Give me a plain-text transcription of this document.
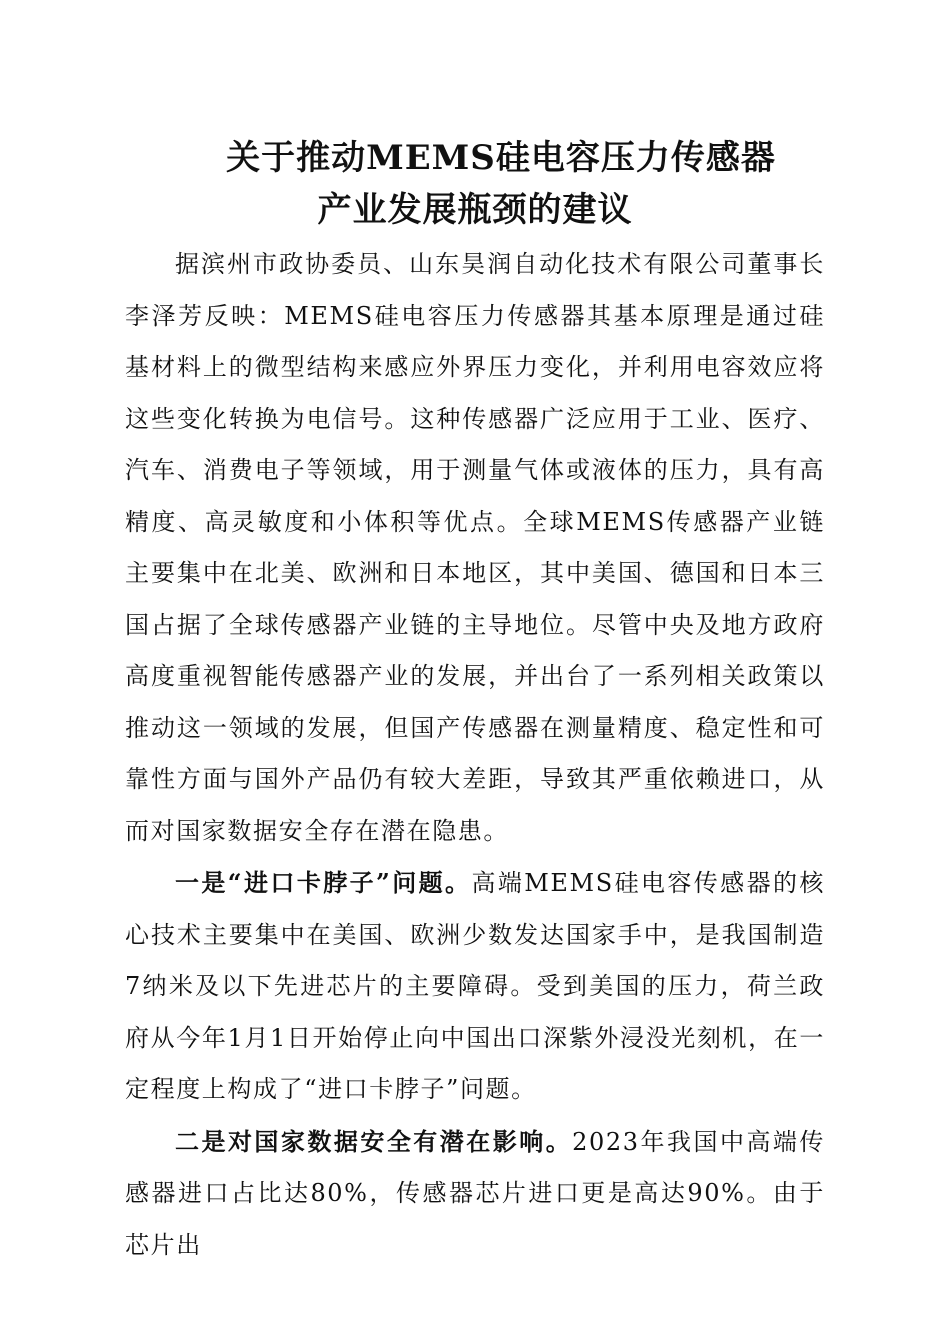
关于推动MEMS硅电容压力传感器
产业发展瓶颈的建议

据滨州市政协委员、山东昊润自动化技术有限公司董事长李泽芳反映：MEMS硅电容压力传感器其基本原理是通过硅基材料上的微型结构来感应外界压力变化，并利用电容效应将这些变化转换为电信号。这种传感器广泛应用于工业、医疗、汽车、消费电子等领域，用于测量气体或液体的压力，具有高精度、高灵敏度和小体积等优点。全球MEMS传感器产业链主要集中在北美、欧洲和日本地区，其中美国、德国和日本三国占据了全球传感器产业链的主导地位。尽管中央及地方政府高度重视智能传感器产业的发展，并出台了一系列相关政策以推动这一领域的发展，但国产传感器在测量精度、稳定性和可靠性方面与国外产品仍有较大差距，导致其严重依赖进口，从而对国家数据安全存在潜在隐患。

一是“进口卡脖子”问题。高端MEMS硅电容传感器的核心技术主要集中在美国、欧洲少数发达国家手中，是我国制造7纳米及以下先进芯片的主要障碍。受到美国的压力，荷兰政府从今年1月1日开始停止向中国出口深紫外浸没光刻机，在一定程度上构成了“进口卡脖子”问题。

二是对国家数据安全有潜在影响。2023年我国中高端传感器进口占比达80%，传感器芯片进口更是高达90%。由于芯片出
